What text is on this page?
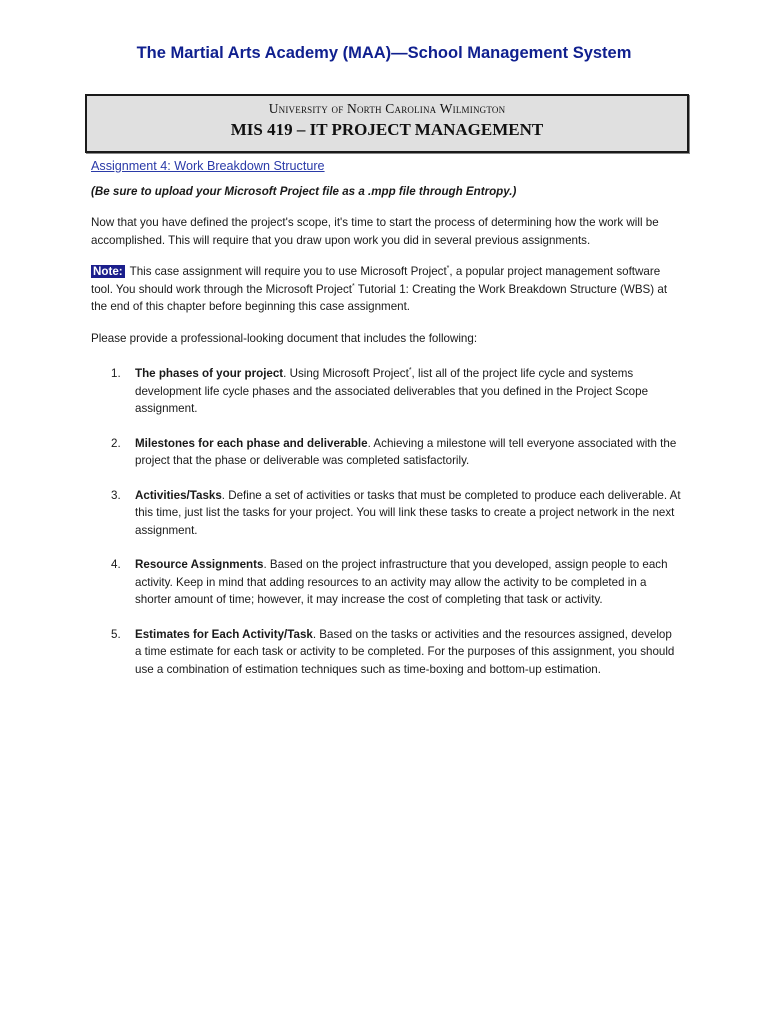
The Martial Arts Academy (MAA)—School Management System
University of North Carolina Wilmington
MIS 419 – IT PROJECT MANAGEMENT
Assignment 4: Work Breakdown Structure
(Be sure to upload your Microsoft Project file as a .mpp file through Entropy.)

Now that you have defined the project's scope, it's time to start the process of determining how the work will be accomplished. This will require that you draw upon work you did in several previous assignments.

Note: This case assignment will require you to use Microsoft Project*, a popular project management software tool. You should work through the Microsoft Project* Tutorial 1: Creating the Work Breakdown Structure (WBS) at the end of this chapter before beginning this case assignment.

Please provide a professional-looking document that includes the following:

1. The phases of your project. Using Microsoft Project*, list all of the project life cycle and systems development life cycle phases and the associated deliverables that you defined in the Project Scope assignment.
2. Milestones for each phase and deliverable. Achieving a milestone will tell everyone associated with the project that the phase or deliverable was completed satisfactorily.
3. Activities/Tasks. Define a set of activities or tasks that must be completed to produce each deliverable. At this time, just list the tasks for your project. You will link these tasks to create a project network in the next assignment.
4. Resource Assignments. Based on the project infrastructure that you developed, assign people to each activity. Keep in mind that adding resources to an activity may allow the activity to be completed in a shorter amount of time; however, it may increase the cost of completing that task or activity.
5. Estimates for Each Activity/Task. Based on the tasks or activities and the resources assigned, develop a time estimate for each task or activity to be completed. For the purposes of this assignment, you should use a combination of estimation techniques such as time-boxing and bottom-up estimation.
